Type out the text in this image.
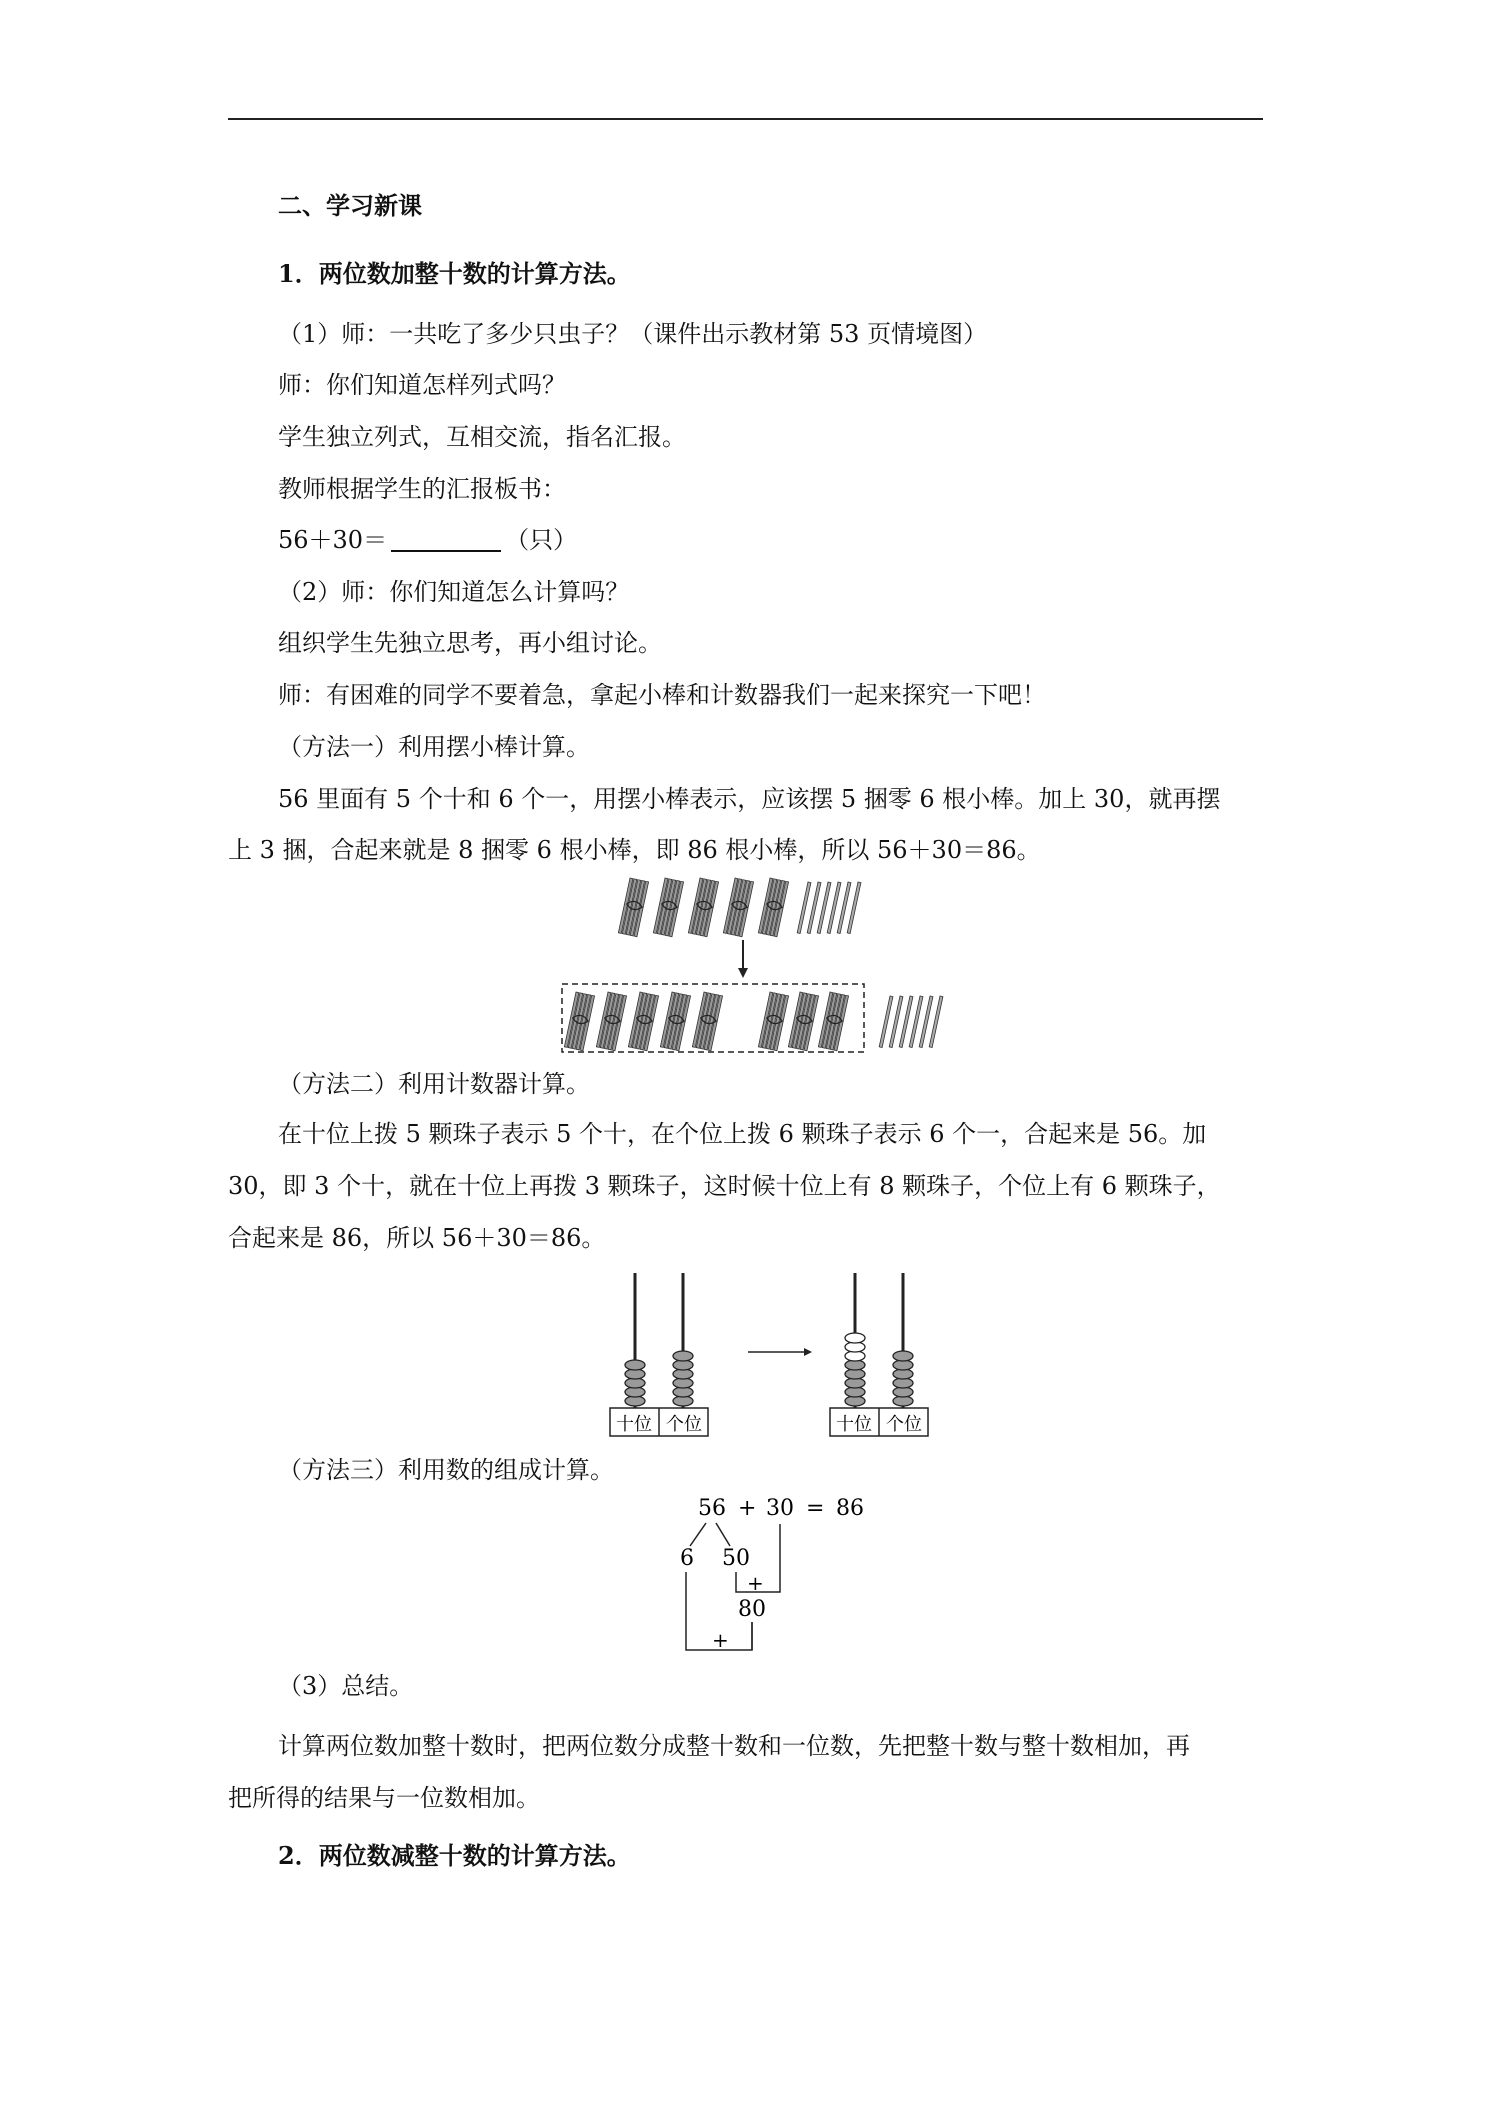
二、学习新课
1．两位数加整十数的计算方法。
（1）师：一共吃了多少只虫子？（课件出示教材第 53 页情境图）
师：你们知道怎样列式吗？
学生独立列式，互相交流，指名汇报。
教师根据学生的汇报板书：
56＋30＝	（只）
（2）师：你们知道怎么计算吗？
组织学生先独立思考，再小组讨论。
师：有困难的同学不要着急，拿起小棒和计数器我们一起来探究一下吧！
（方法一）利用摆小棒计算。
56 里面有 5 个十和 6 个一，用摆小棒表示，应该摆 5 捆零 6 根小棒。加上 30，就再摆
上 3 捆，合起来就是 8 捆零 6 根小棒，即 86 根小棒，所以 56＋30＝86。
（方法二）利用计数器计算。
在十位上拨 5 颗珠子表示 5 个十，在个位上拨 6 颗珠子表示 6 个一，合起来是 56。加
30，即 3 个十，就在十位上再拨 3 颗珠子，这时候十位上有 8 颗珠子，个位上有 6 颗珠子，
合起来是 86，所以 56＋30＝86。
十位 个位	十位 个位
（方法三）利用数的组成计算。
56 + 30 = 86
6 50
+
80
+
（3）总结。
计算两位数加整十数时，把两位数分成整十数和一位数，先把整十数与整十数相加，再
把所得的结果与一位数相加。
2．两位数减整十数的计算方法。
